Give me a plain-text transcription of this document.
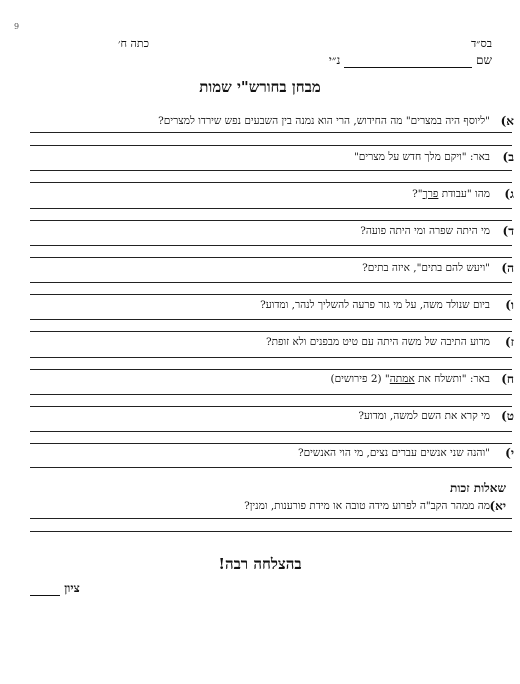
9
בס״ד
כתה ח׳
שם  נ״י
מבחן בחורש"י שמות
א)
"ליוסף היה במצרים" מה החידוש, הרי הוא נמנה בין השבעים נפש שירדו למצרים?
ב)
באר: "ויקם מלך חדש על מצרים"
ג)
מהו "עבודת פרך"?
ד)
מי היתה שפרה ומי היתה פועה?
ה)
"ויעש להם בתים", איזה בתים?
ו)
ביום שנולד משה, על מי גזר פרעה להשליך לנהר, ומדוע?
ז)
מדוע התיבה של משה היתה עם טיט מבפנים ולא זופת?
ח)
באר: "ותשלח את אמתה" (2 פירושים)
ט)
מי קרא את השם למשה, ומדוע?
י)
"והנה שני אנשים עברים נצים, מי הוי האנשים?
שאלות זכות
יא)
מה ממהר הקב"ה לפרוע מידה טובה או מידת פורענות, ומנין?
בהצלחה רבה!
ציון
